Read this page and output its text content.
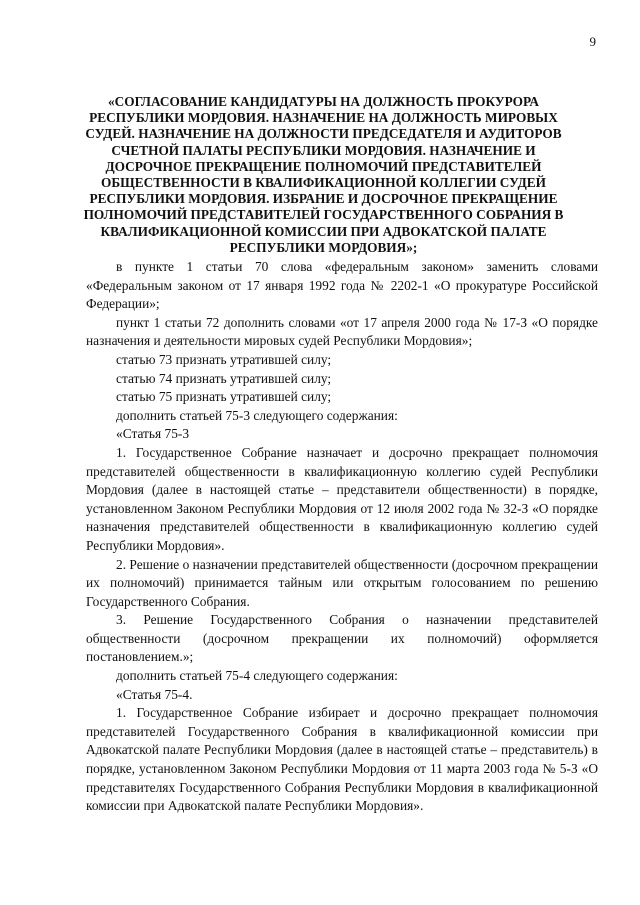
9
«СОГЛАСОВАНИЕ КАНДИДАТУРЫ НА ДОЛЖНОСТЬ ПРОКУРОРА РЕСПУБЛИКИ МОРДОВИЯ. НАЗНАЧЕНИЕ НА ДОЛЖНОСТЬ МИРОВЫХ СУДЕЙ. НАЗНАЧЕНИЕ НА ДОЛЖНОСТИ ПРЕДСЕДАТЕЛЯ И АУДИТОРОВ СЧЕТНОЙ ПАЛАТЫ РЕСПУБЛИКИ МОРДОВИЯ. НАЗНАЧЕНИЕ И ДОСРОЧНОЕ ПРЕКРАЩЕНИЕ ПОЛНОМОЧИЙ ПРЕДСТАВИТЕЛЕЙ ОБЩЕСТВЕННОСТИ В КВАЛИФИКАЦИОННОЙ КОЛЛЕГИИ СУДЕЙ РЕСПУБЛИКИ МОРДОВИЯ. ИЗБРАНИЕ И ДОСРОЧНОЕ ПРЕКРАЩЕНИЕ ПОЛНОМОЧИЙ ПРЕДСТАВИТЕЛЕЙ ГОСУДАРСТВЕННОГО СОБРАНИЯ В КВАЛИФИКАЦИОННОЙ КОМИССИИ ПРИ АДВОКАТСКОЙ ПАЛАТЕ РЕСПУБЛИКИ МОРДОВИЯ»;

в пункте 1 статьи 70 слова «федеральным законом» заменить словами «Федеральным законом от 17 января 1992 года № 2202-1 «О прокуратуре Российской Федерации»;

пункт 1 статьи 72 дополнить словами «от 17 апреля 2000 года № 17-З «О порядке назначения и деятельности мировых судей Республики Мордовия»;

статью 73 признать утратившей силу;

статью 74 признать утратившей силу;

статью 75 признать утратившей силу;

дополнить статьей 75-3 следующего содержания:

«Статья 75-3

1. Государственное Собрание назначает и досрочно прекращает полномочия представителей общественности в квалификационную коллегию судей Республики Мордовия (далее в настоящей статье – представители общественности) в порядке, установленном Законом Республики Мордовия от 12 июля 2002 года № 32-З «О порядке назначения представителей общественности в квалификационную коллегию судей Республики Мордовия».

2. Решение о назначении представителей общественности (досрочном прекращении их полномочий) принимается тайным или открытым голосованием по решению Государственного Собрания.

3. Решение Государственного Собрания о назначении представителей общественности (досрочном прекращении их полномочий) оформляется постановлением.»;

дополнить статьей 75-4 следующего содержания:

«Статья 75-4.

1. Государственное Собрание избирает и досрочно прекращает полномочия представителей Государственного Собрания в квалификационной комиссии при Адвокатской палате Республики Мордовия (далее в настоящей статье – представитель) в порядке, установленном Законом Республики Мордовия от 11 марта 2003 года № 5-З «О представителях Государственного Собрания Республики Мордовия в квалификационной комиссии при Адвокатской палате Республики Мордовия».
